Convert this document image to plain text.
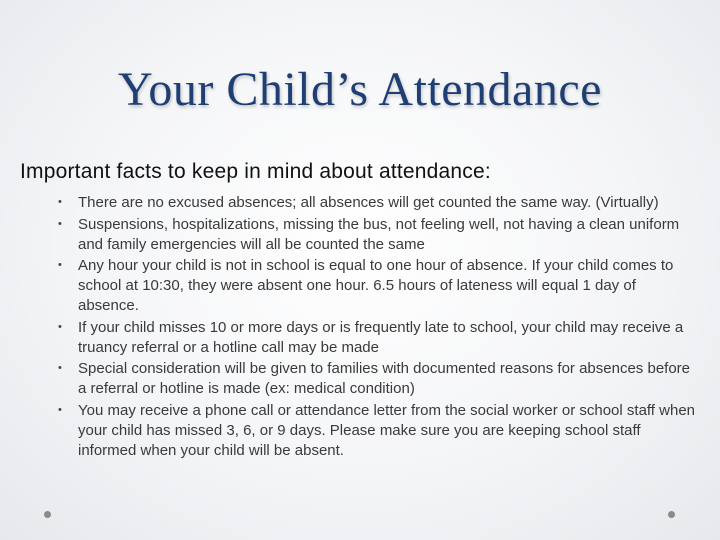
Your Child’s Attendance
Important facts to keep in mind about attendance:
• There are no excused absences; all absences will get counted the same way. (Virtually)
• Suspensions, hospitalizations, missing the bus, not feeling well, not having a clean uniform and family emergencies will all be counted the same
• Any hour your child is not in school is equal to one hour of absence. If your child comes to school at 10:30, they were absent one hour. 6.5 hours of lateness will equal 1 day of absence.
• If your child misses 10 or more days or is frequently late to school, your child may receive a truancy referral or a hotline call may be made
• Special consideration will be given to families with documented reasons for absences before a referral or hotline is made (ex: medical condition)
• You may receive a phone call or attendance letter from the social worker or school staff when your child has missed 3, 6, or 9 days. Please make sure you are keeping school staff informed when your child will be absent.
